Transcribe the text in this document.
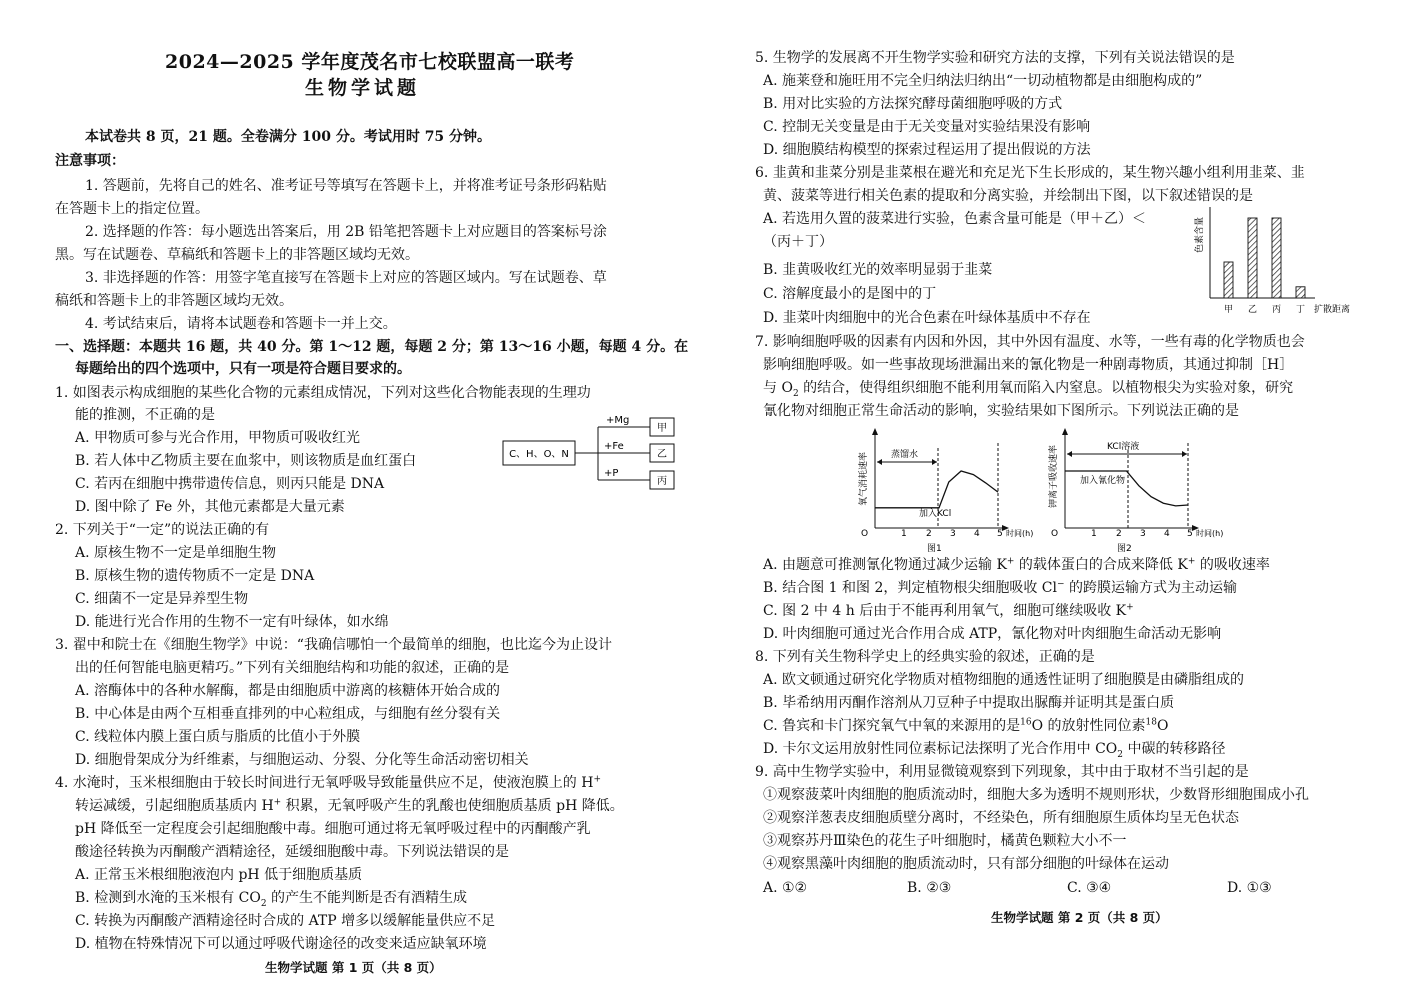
2024—2025 学年度茂名市七校联盟高一联考
生物学试题
本试卷共 8 页，21 题。全卷满分 100 分。考试用时 75 分钟。
注意事项：
1. 答题前，先将自己的姓名、准考证号等填写在答题卡上，并将准考证号条形码粘贴
在答题卡上的指定位置。
2. 选择题的作答：每小题选出答案后，用 2B 铅笔把答题卡上对应题目的答案标号涂
黑。写在试题卷、草稿纸和答题卡上的非答题区域均无效。
3. 非选择题的作答：用签字笔直接写在答题卡上对应的答题区域内。写在试题卷、草
稿纸和答题卡上的非答题区域均无效。
4. 考试结束后，请将本试题卷和答题卡一并上交。
一、选择题：本题共 16 题，共 40 分。第 1～12 题，每题 2 分；第 13～16 小题，每题 4 分。在
每题给出的四个选项中，只有一项是符合题目要求的。
1. 如图表示构成细胞的某些化合物的元素组成情况，下列对这些化合物能表现的生理功
能的推测，不正确的是
A. 甲物质可参与光合作用，甲物质可吸收红光
B. 若人体中乙物质主要在血浆中，则该物质是血红蛋白
C. 若丙在细胞中携带遗传信息，则丙只能是 DNA
D. 图中除了 Fe 外，其他元素都是大量元素
C、H、O、N
+Mg
+Fe
+P
甲
乙
丙
2. 下列关于“一定”的说法正确的有
A. 原核生物不一定是单细胞生物
B. 原核生物的遗传物质不一定是 DNA
C. 细菌不一定是异养型生物
D. 能进行光合作用的生物不一定有叶绿体，如水绵
3. 翟中和院士在《细胞生物学》中说：“我确信哪怕一个最简单的细胞，也比迄今为止设计
出的任何智能电脑更精巧。”下列有关细胞结构和功能的叙述，正确的是
A. 溶酶体中的各种水解酶，都是由细胞质中游离的核糖体开始合成的
B. 中心体是由两个互相垂直排列的中心粒组成，与细胞有丝分裂有关
C. 线粒体内膜上蛋白质与脂质的比值小于外膜
D. 细胞骨架成分为纤维素，与细胞运动、分裂、分化等生命活动密切相关
4. 水淹时，玉米根细胞由于较长时间进行无氧呼吸导致能量供应不足，使液泡膜上的 H+
转运减缓，引起细胞质基质内 H+ 积累，无氧呼吸产生的乳酸也使细胞质基质 pH 降低。
pH 降低至一定程度会引起细胞酸中毒。细胞可通过将无氧呼吸过程中的丙酮酸产乳
酸途径转换为丙酮酸产酒精途径，延缓细胞酸中毒。下列说法错误的是
A. 正常玉米根细胞液泡内 pH 低于细胞质基质
B. 检测到水淹的玉米根有 $CO_2$ 的产生不能判断是否有酒精生成
C. 转换为丙酮酸产酒精途径时合成的 ATP 增多以缓解能量供应不足
D. 植物在特殊情况下可以通过呼吸代谢途径的改变来适应缺氧环境
生物学试题 第 1 页（共 8 页）
5. 生物学的发展离不开生物学实验和研究方法的支撑，下列有关说法错误的是
A. 施莱登和施旺用不完全归纳法归纳出“一切动植物都是由细胞构成的”
B. 用对比实验的方法探究酵母菌细胞呼吸的方式
C. 控制无关变量是由于无关变量对实验结果没有影响
D. 细胞膜结构模型的探索过程运用了提出假说的方法
6. 韭黄和韭菜分别是韭菜根在避光和充足光下生长形成的，某生物兴趣小组利用韭菜、韭
黄、菠菜等进行相关色素的提取和分离实验，并绘制出下图，以下叙述错误的是
A. 若选用久置的菠菜进行实验，色素含量可能是（甲＋乙）＜
（丙＋丁）
B. 韭黄吸收红光的效率明显弱于韭菜
C. 溶解度最小的是图中的丁
D. 韭菜叶肉细胞中的光合色素在叶绿体基质中不存在
色素含量
扩散距离
甲 乙 丙 丁
7. 影响细胞呼吸的因素有内因和外因，其中外因有温度、水等，一些有毒的化学物质也会
影响细胞呼吸。如一些事故现场泄漏出来的氰化物是一种剧毒物质，其通过抑制［H］
与 $O_2$ 的结合，使得组织细胞不能利用氧而陷入内窒息。以植物根尖为实验对象，研究
氰化物对细胞正常生命活动的影响，实验结果如下图所示。下列说法正确的是
氧气消耗速率 蒸馏水
加入KCl
O	1 2 3 4 5 时间(h)
图1
钾离子吸收速率	KCl溶液
加入氰化物
O	1 2 3 4 5 时间(h)
图2
A. 由题意可推测氰化物通过减少运输 K+ 的载体蛋白的合成来降低 K+ 的吸收速率
B. 结合图 1 和图 2，判定植物根尖细胞吸收 Cl− 的跨膜运输方式为主动运输
C. 图 2 中 4 h 后由于不能再利用氧气，细胞可继续吸收 K+
D. 叶肉细胞可通过光合作用合成 ATP，氰化物对叶肉细胞生命活动无影响
8. 下列有关生物科学史上的经典实验的叙述，正确的是
A. 欧文顿通过研究化学物质对植物细胞的通透性证明了细胞膜是由磷脂组成的
B. 毕希纳用丙酮作溶剂从刀豆种子中提取出脲酶并证明其是蛋白质
C. 鲁宾和卡门探究氧气中氧的来源用的是$^{16}$O 的放射性同位素$^{18}$O
D. 卡尔文运用放射性同位素标记法探明了光合作用中 $CO_2$ 中碳的转移路径
9. 高中生物学实验中，利用显微镜观察到下列现象，其中由于取材不当引起的是
①观察菠菜叶肉细胞的胞质流动时，细胞大多为透明不规则形状，少数肾形细胞围成小孔
②观察洋葱表皮细胞质壁分离时，不经染色，所有细胞原生质体均呈无色状态
③观察苏丹Ⅲ染色的花生子叶细胞时，橘黄色颗粒大小不一
④观察黑藻叶肉细胞的胞质流动时，只有部分细胞的叶绿体在运动
A. ①②	B. ②③	C. ③④	D. ①③
生物学试题 第 2 页（共 8 页）
